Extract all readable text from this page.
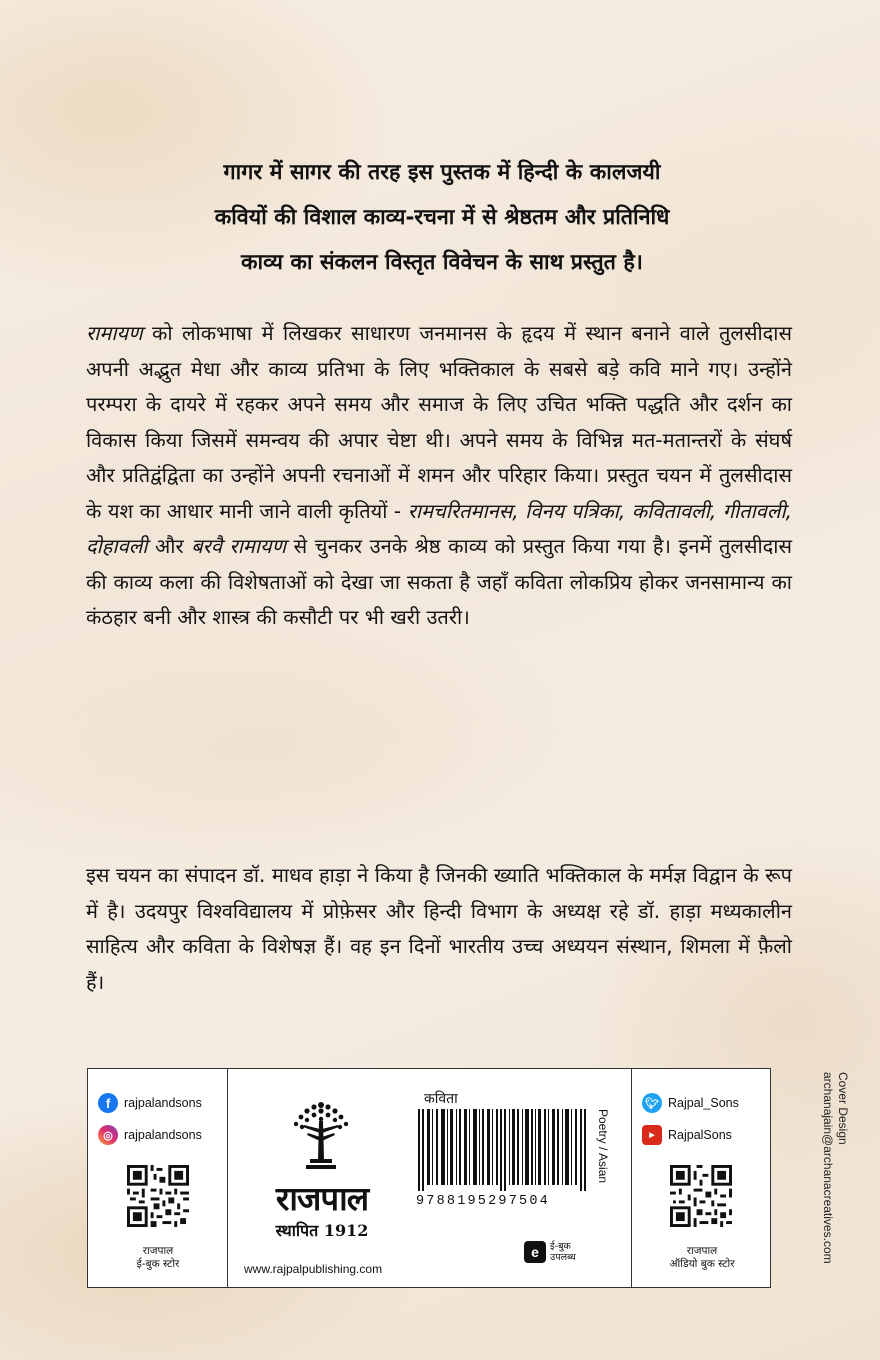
गागर में सागर की तरह इस पुस्तक में हिन्दी के कालजयी
कवियों की विशाल काव्य-रचना में से श्रेष्ठतम और प्रतिनिधि
काव्य का संकलन विस्तृत विवेचन के साथ प्रस्तुत है।
रामायण को लोकभाषा में लिखकर साधारण जनमानस के हृदय में स्थान बनाने वाले तुलसीदास अपनी अद्भुत मेधा और काव्य प्रतिभा के लिए भक्तिकाल के सबसे बड़े कवि माने गए। उन्होंने परम्परा के दायरे में रहकर अपने समय और समाज के लिए उचित भक्ति पद्धति और दर्शन का विकास किया जिसमें समन्वय की अपार चेष्टा थी। अपने समय के विभिन्न मत-मतान्तरों के संघर्ष और प्रतिद्वंद्विता का उन्होंने अपनी रचनाओं में शमन और परिहार किया। प्रस्तुत चयन में तुलसीदास के यश का आधार मानी जाने वाली कृतियों - रामचरितमानस, विनय पत्रिका, कवितावली, गीतावली, दोहावली और बरवै रामायण से चुनकर उनके श्रेष्ठ काव्य को प्रस्तुत किया गया है। इनमें तुलसीदास की काव्य कला की विशेषताओं को देखा जा सकता है जहाँ कविता लोकप्रिय होकर जनसामान्य का कंठहार बनी और शास्त्र की कसौटी पर भी खरी उतरी।
इस चयन का संपादन डॉ. माधव हाड़ा ने किया है जिनकी ख्याति भक्तिकाल के मर्मज्ञ विद्वान के रूप में है। उदयपुर विश्वविद्यालय में प्रोफ़ेसर और हिन्दी विभाग के अध्यक्ष रहे डॉ. हाड़ा मध्यकालीन साहित्य और कविता के विशेषज्ञ हैं। वह इन दिनों भारतीय उच्च अध्ययन संस्थान, शिमला में फ़ैलो हैं।
f	rajpalandsons
◎ rajpalandsons
राजपाल
ई-बुक स्टोर
राजपाल
स्थापित 1912
www.rajpalpublishing.com
कविता
9788195297504
Poetry / Asian
e	ई-बुक
उपलब्ध
🐦︎ Rajpal_Sons
▶	RajpalSons
राजपाल
ऑडियो बुक स्टोर
Cover Design
archanajain@archanacreatives.com
